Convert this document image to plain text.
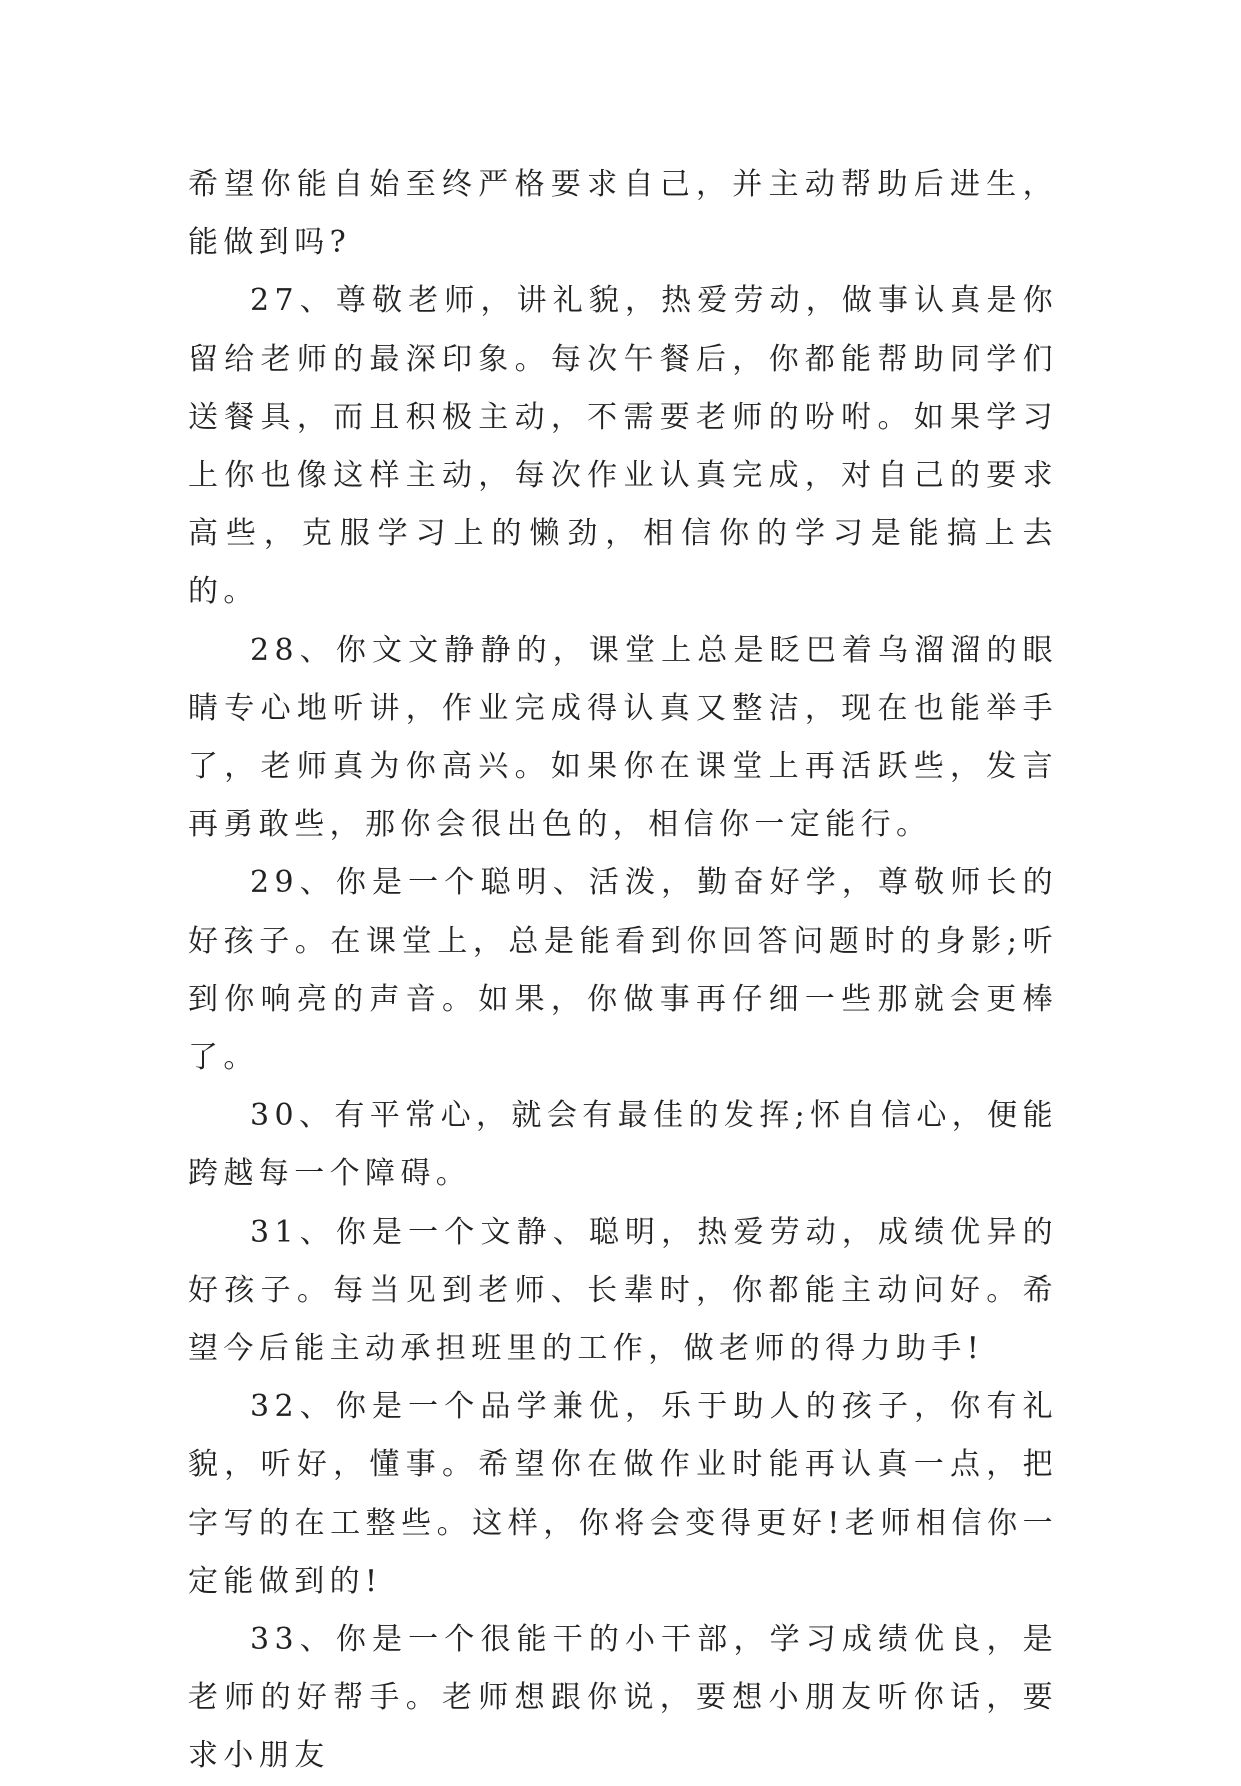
希望你能自始至终严格要求自己，并主动帮助后进生，能做到吗?

27、尊敬老师，讲礼貌，热爱劳动，做事认真是你留给老师的最深印象。每次午餐后，你都能帮助同学们送餐具，而且积极主动，不需要老师的吩咐。如果学习上你也像这样主动，每次作业认真完成，对自己的要求高些，克服学习上的懒劲，相信你的学习是能搞上去的。

28、你文文静静的，课堂上总是眨巴着乌溜溜的眼睛专心地听讲，作业完成得认真又整洁，现在也能举手了，老师真为你高兴。如果你在课堂上再活跃些，发言再勇敢些，那你会很出色的，相信你一定能行。

29、你是一个聪明、活泼，勤奋好学，尊敬师长的好孩子。在课堂上，总是能看到你回答问题时的身影;听到你响亮的声音。如果，你做事再仔细一些那就会更棒了。

30、有平常心，就会有最佳的发挥;怀自信心，便能跨越每一个障碍。

31、你是一个文静、聪明，热爱劳动，成绩优异的好孩子。每当见到老师、长辈时，你都能主动问好。希望今后能主动承担班里的工作，做老师的得力助手!

32、你是一个品学兼优，乐于助人的孩子，你有礼貌，听好，懂事。希望你在做作业时能再认真一点，把字写的在工整些。这样，你将会变得更好!老师相信你一定能做到的!

33、你是一个很能干的小干部，学习成绩优良，是老师的好帮手。老师想跟你说，要想小朋友听你话，要求小朋友
